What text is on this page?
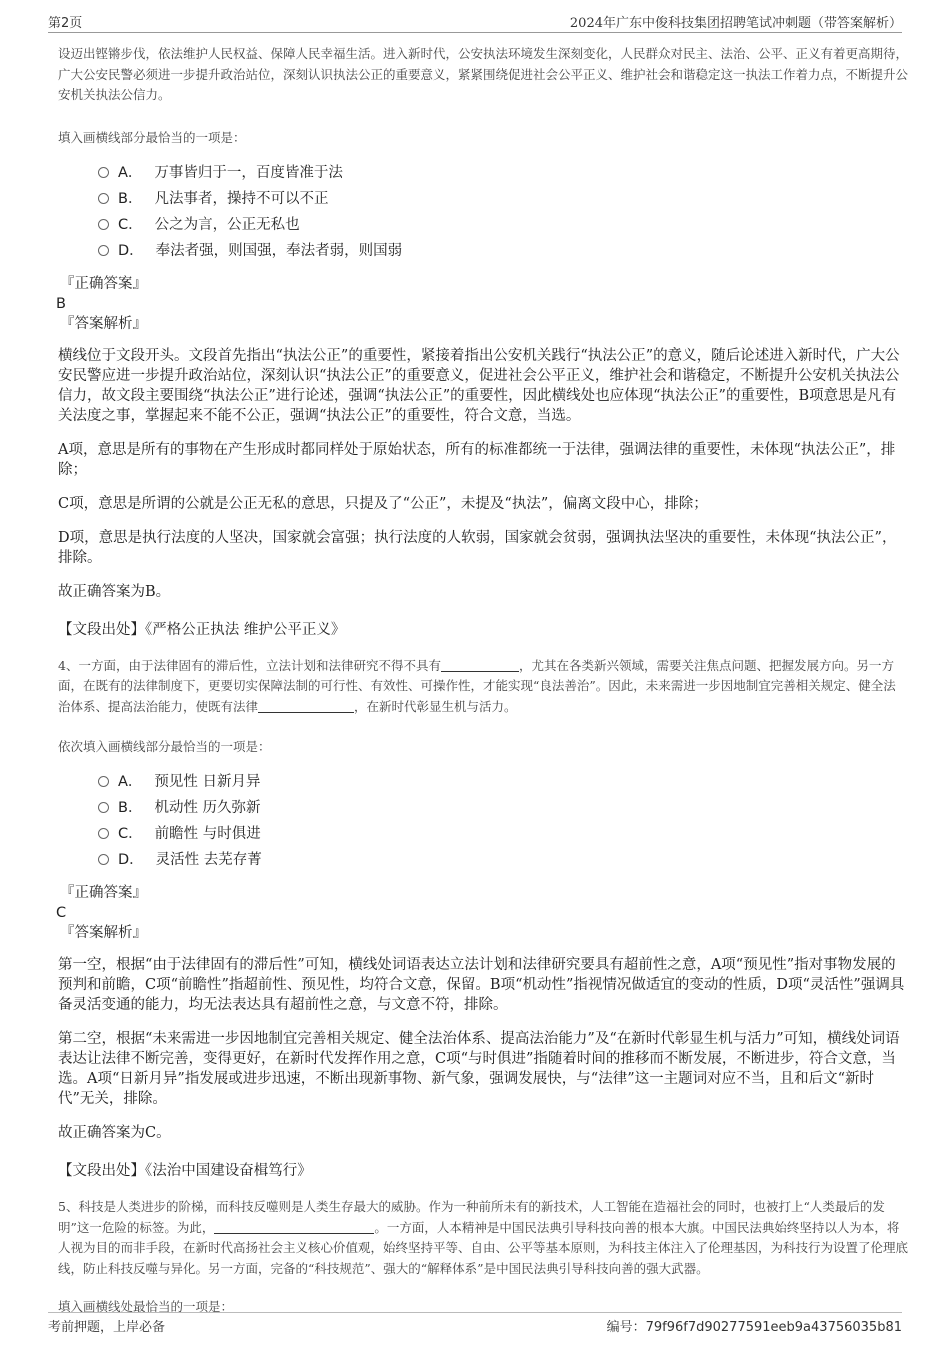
第2页	2024年广东中俊科技集团招聘笔试冲刺题（带答案解析）

设迈出铿锵步伐，依法维护人民权益、保障人民幸福生活。进入新时代，公安执法环境发生深刻变化，人民群众对民主、法治、公平、正义有着更高期待，广大公安民警必须进一步提升政治站位，深刻认识执法公正的重要意义，紧紧围绕促进社会公平正义、维护社会和谐稳定这一执法工作着力点，不断提升公安机关执法公信力。

填入画横线部分最恰当的一项是：

A． 万事皆归于一，百度皆准于法
B． 凡法事者，操持不可以不正
C． 公之为言，公正无私也
D． 奉法者强，则国强，奉法者弱，则国弱

『正确答案』

B

『答案解析』

横线位于文段开头。文段首先指出“执法公正”的重要性，紧接着指出公安机关践行“执法公正”的意义，随后论述进入新时代，广大公安民警应进一步提升政治站位，深刻认识“执法公正”的重要意义，促进社会公平正义，维护社会和谐稳定，不断提升公安机关执法公信力，故文段主要围绕“执法公正”进行论述，强调“执法公正”的重要性，因此横线处也应体现“执法公正”的重要性，B项意思是凡有关法度之事，掌握起来不能不公正，强调“执法公正”的重要性，符合文意，当选。

A项，意思是所有的事物在产生形成时都同样处于原始状态，所有的标准都统一于法律，强调法律的重要性，未体现“执法公正”，排除；

C项，意思是所谓的公就是公正无私的意思，只提及了“公正”，未提及“执法”，偏离文段中心，排除；

D项，意思是执行法度的人坚决，国家就会富强；执行法度的人软弱，国家就会贫弱，强调执法坚决的重要性，未体现“执法公正”，排除。

故正确答案为B。

【文段出处】《严格公正执法 维护公平正义》

4、一方面，由于法律固有的滞后性，立法计划和法律研究不得不具有	，尤其在各类新兴领域，需要关注焦点问题、把握发展方向。另一方面，在既有的法律制度下，更要切实保障法制的可行性、有效性、可操作性，才能实现“良法善治”。因此，未来需进一步因地制宜完善相关规定、健全法治体系、提高法治能力，使既有法律	，在新时代彰显生机与活力。

依次填入画横线部分最恰当的一项是：

A． 预见性 日新月异
B． 机动性 历久弥新
C． 前瞻性 与时俱进
D． 灵活性 去芜存菁

『正确答案』

C

『答案解析』

第一空，根据“由于法律固有的滞后性”可知，横线处词语表达立法计划和法律研究要具有超前性之意，A项“预见性”指对事物发展的预判和前瞻，C项“前瞻性”指超前性、预见性，均符合文意，保留。B项“机动性”指视情况做适宜的变动的性质，D项“灵活性”强调具备灵活变通的能力，均无法表达具有超前性之意，与文意不符，排除。

第二空，根据“未来需进一步因地制宜完善相关规定、健全法治体系、提高法治能力”及“在新时代彰显生机与活力”可知，横线处词语表达让法律不断完善，变得更好，在新时代发挥作用之意，C项“与时俱进”指随着时间的推移而不断发展，不断进步，符合文意，当选。A项“日新月异”指发展或进步迅速，不断出现新事物、新气象，强调发展快，与“法律”这一主题词对应不当，且和后文“新时代”无关，排除。

故正确答案为C。

【文段出处】《法治中国建设奋楫笃行》

5、科技是人类进步的阶梯，而科技反噬则是人类生存最大的威胁。作为一种前所未有的新技术，人工智能在造福社会的同时，也被打上“人类最后的发明”这一危险的标签。为此，	。一方面，人本精神是中国民法典引导科技向善的根本大旗。中国民法典始终坚持以人为本，将人视为目的而非手段，在新时代高扬社会主义核心价值观，始终坚持平等、自由、公平等基本原则，为科技主体注入了伦理基因，为科技行为设置了伦理底线，防止科技反噬与异化。另一方面，完备的“科技规范”、强大的“解释体系”是中国民法典引导科技向善的强大武器。

填入画横线处最恰当的一项是：

考前押题，上岸必备	编号：79f96f7d90277591eeb9a43756035b81
